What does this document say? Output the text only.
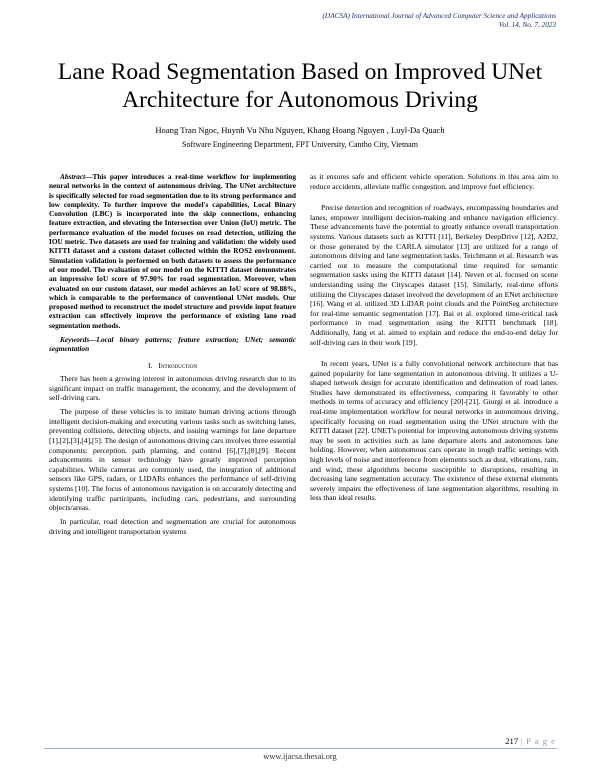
(IJACSA) International Journal of Advanced Computer Science and Applications
Vol. 14, No. 7, 2023
Lane Road Segmentation Based on Improved UNet
Architecture for Autonomous Driving
Hoang Tran Ngoc, Huynh Vu Nhu Nguyen, Khang Hoang Nguyen , Luyl-Da Quach
Software Engineering Department, FPT University, Cantho City, Vietnam

Abstract—This paper introduces a real-time workflow for implementing neural networks in the context of autonomous driving. The UNet architecture is specifically selected for road segmentation due to its strong performance and low complexity. To further improve the model's capabilities, Local Binary Convolution (LBC) is incorporated into the skip connections, enhancing feature extraction, and elevating the Intersection over Union (IoU) metric. The performance evaluation of the model focuses on road detection, utilizing the IOU metric. Two datasets are used for training and validation: the widely used KITTI dataset and a custom dataset collected within the ROS2 environment. Simulation validation is performed on both datasets to assess the performance of our model. The evaluation of our model on the KITTI dataset demonstrates an impressive IoU score of 97.90% for road segmentation. Moreover, when evaluated on our custom dataset, our model achieves an IoU score of 98.88%, which is comparable to the performance of conventional UNet models. Our proposed method to reconstruct the model structure and provide input feature extraction can effectively improve the performance of existing lane road segmentation methods.

Keywords—Local binary patterns; feature extraction; UNet; semantic segmentation

I. Introduction

There has been a growing interest in autonomous driving research due to its significant impact on traffic management, the economy, and the development of self-driving cars.

The purpose of these vehicles is to imitate human driving actions through intelligent decision-making and executing various tasks such as switching lanes, preventing collisions, detecting objects, and issuing warnings for lane departure [1],[2],[3],[4],[5]. The design of autonomous driving cars involves three essential components: perception, path planning, and control [6],[7],[8],[9]. Recent advancements in sensor technology have greatly improved perception capabilities. While cameras are commonly used, the integration of additional sensors like GPS, radars, or LIDARs enhances the performance of self-driving systems [10]. The focus of autonomous navigation is on accurately detecting and identifying traffic participants, including cars, pedestrians, and surrounding objects/areas.

In particular, road detection and segmentation are crucial for autonomous driving and intelligent transportation systems

as it ensures safe and efficient vehicle operation. Solutions in this area aim to reduce accidents, alleviate traffic congestion, and improve fuel efficiency.

Precise detection and recognition of roadways, encompassing boundaries and lanes, empower intelligent decision-making and enhance navigation efficiency. These advancements have the potential to greatly enhance overall transportation systems. Various datasets such as KITTI [11], Berkeley DeepDrive [12], A2D2, or those generated by the CARLA simulator [13] are utilized for a range of autonomous driving and lane segmentation tasks. Teichmann et al. Research was carried out to measure the computational time required for semantic segmentation tasks using the KITTI dataset [14]. Neven et al. focused on scene understanding using the Cityscapes dataset [15]. Similarly, real-time efforts utilizing the Cityscapes dataset involved the development of an ENet architecture [16]. Wang et al. utilized 3D LiDAR point clouds and the PointSeg architecture for real-time semantic segmentation [17]. Bai et al. explored time-critical task performance in road segmentation using the KITTI benchmark [18]. Additionally, Jang et al. aimed to explain and reduce the end-to-end delay for self-driving cars in their work [19].

In recent years, UNet is a fully convolutional network architecture that has gained popularity for lane segmentation in autonomous driving. It utilizes a U-shaped network design for accurate identification and delineation of road lanes. Studies have demonstrated its effectiveness, comparing it favorably to other methods in terms of accuracy and efficiency [20]-[21]. Giurgi et al. introduce a real-time implementation workflow for neural networks in autonomous driving, specifically focusing on road segmentation using the UNet structure with the KITTI dataset [22]. UNET's potential for improving autonomous driving systems may be seen in activities such as lane departure alerts and autonomous lane holding. However, when autonomous cars operate in tough traffic settings with high levels of noise and interference from elements such as dust, vibrations, rain, and wind, these algorithms become susceptible to disruptions, resulting in decreasing lane segmentation accuracy. The existence of these external elements severely impairs the effectiveness of lane segmentation algorithms, resulting in less than ideal results.

217 | P a g e
www.ijacsa.thesai.org
